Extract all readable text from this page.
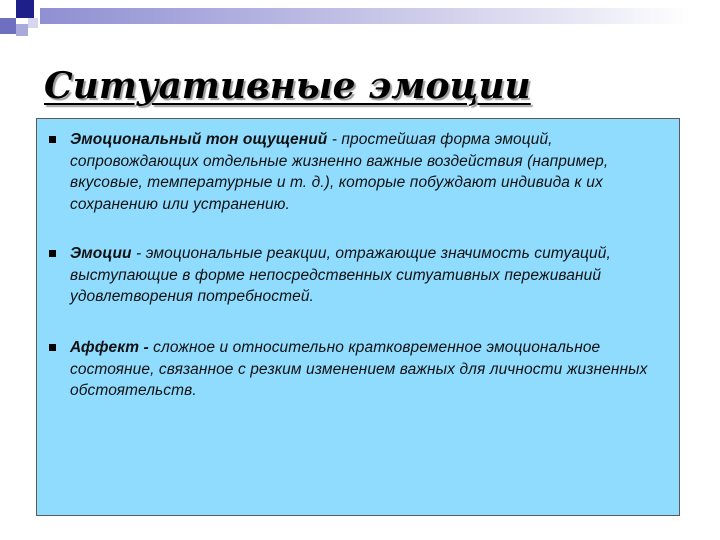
Ситуативные эмоции

Эмоциональный тон ощущений - простейшая форма эмоций, сопровождающих отдельные жизненно важные воздействия (например, вкусовые, температурные и т. д.), которые побуждают индивида к их сохранению или устранению.

Эмоции - эмоциональные реакции, отражающие значимость ситуаций, выступающие в форме непосредственных ситуативных переживаний удовлетворения потребностей.

Аффект - сложное и относительно кратковременное эмоциональное состояние, связанное с резким изменением важных для личности жизненных обстоятельств.
